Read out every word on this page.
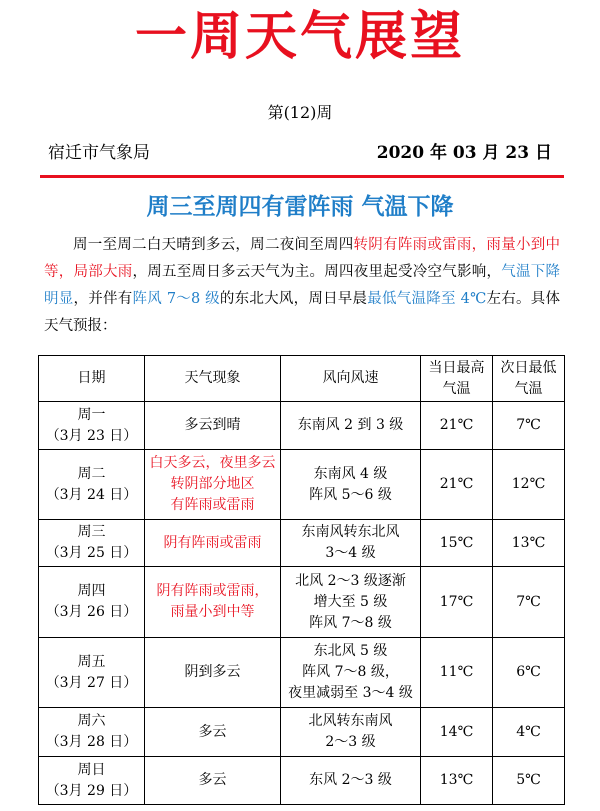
一周天气展望
第(12)周
宿迁市气象局	2020 年 03 月 23 日
周三至周四有雷阵雨 气温下降

周一至周二白天晴到多云，周二夜间至周四转阴有阵雨或雷雨，雨量小到中等，局部大雨，周五至周日多云天气为主。周四夜里起受冷空气影响，气温下降明显，并伴有阵风 7～8 级的东北大风，周日早晨最低气温降至 4℃左右。具体天气预报：

日期	天气现象	风向风速	当日最高气温	次日最低气温
周一
（3月 23 日）	多云到晴	东南风 2 到 3 级	21℃	7℃
周二
（3月 24 日）	白天多云，夜里多云
转阴部分地区
有阵雨或雷雨	东南风 4 级
阵风 5～6 级	21℃	12℃
周三
（3月 25 日）	阴有阵雨或雷雨	东南风转东北风
3～4 级	15℃	13℃
周四
（3月 26 日）	阴有阵雨或雷雨，
雨量小到中等	北风 2～3 级逐渐
增大至 5 级
阵风 7～8 级	17℃	7℃
周五
（3月 27 日）	阴到多云	东北风 5 级
阵风 7～8 级，
夜里减弱至 3～4 级	11℃	6℃
周六
（3月 28 日）	多云	北风转东南风
2～3 级	14℃	4℃
周日
（3月 29 日）	多云	东风 2～3 级	13℃	5℃
